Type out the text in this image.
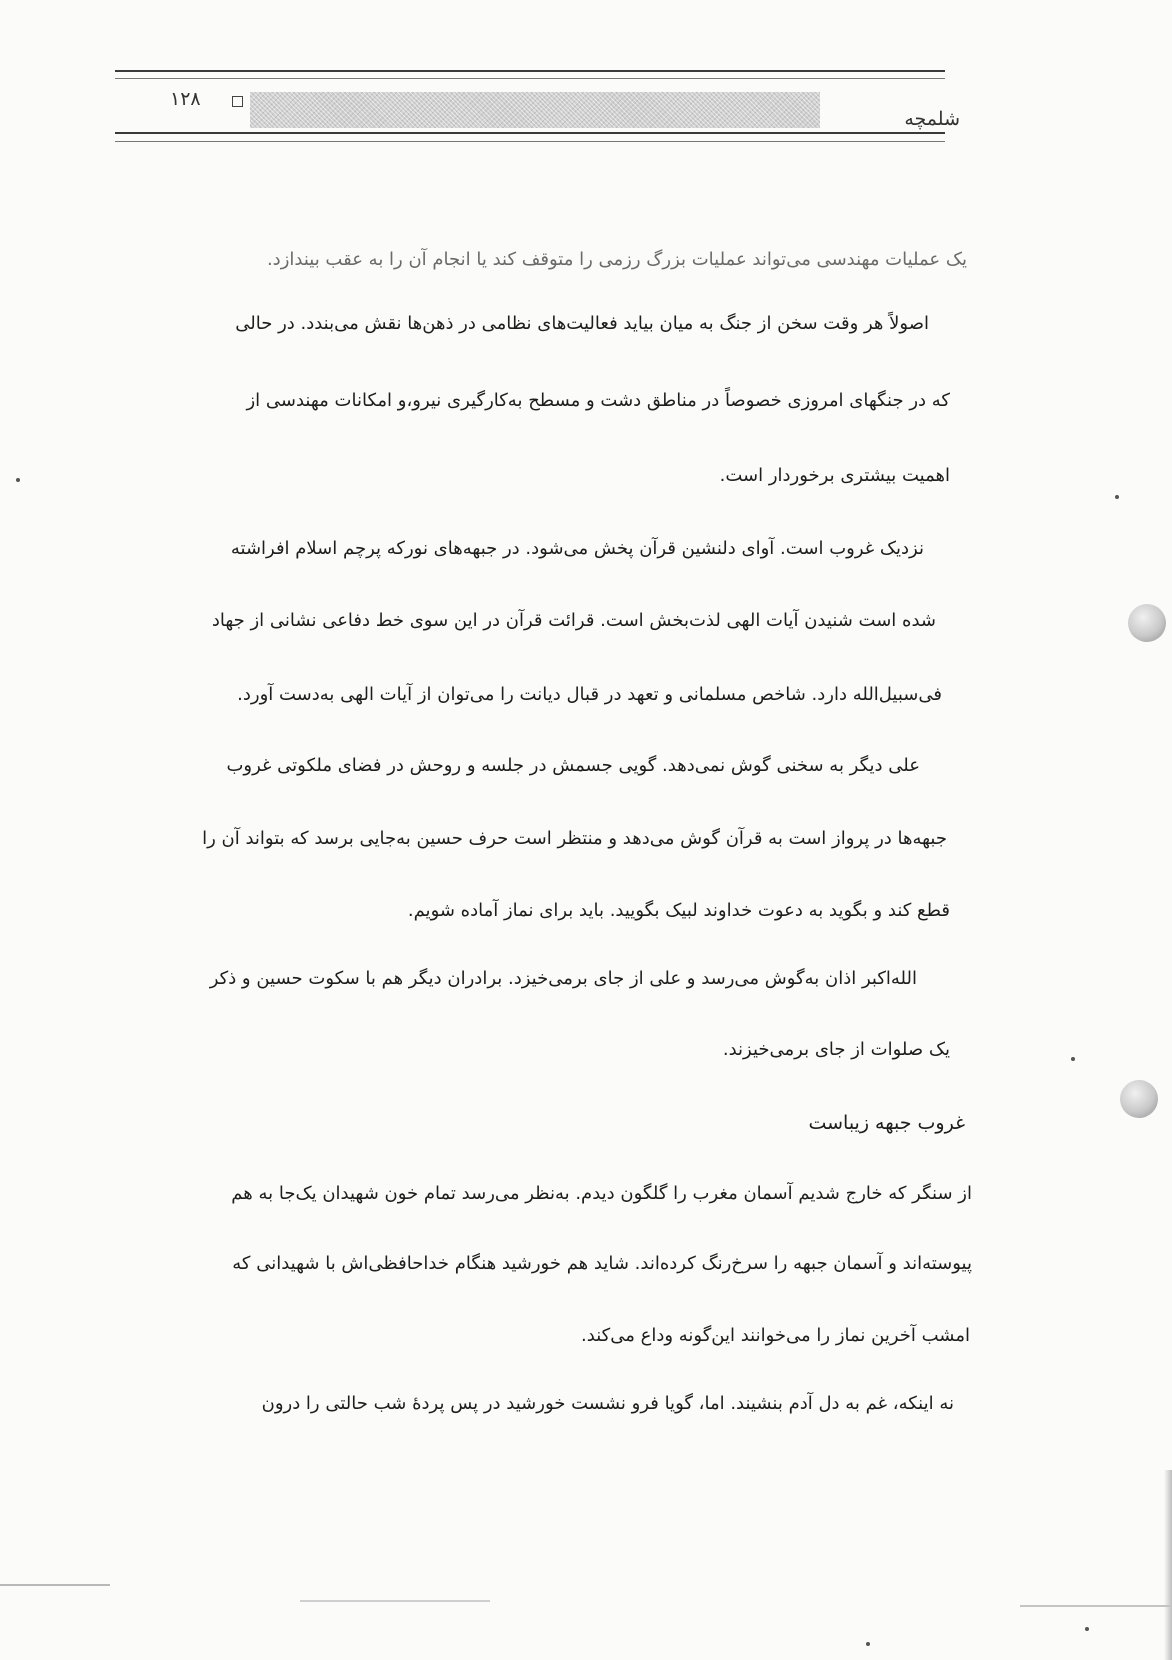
۱۲۸
شلمچه
یک عملیات مهندسی می‌تواند عملیات بزرگ رزمی را متوقف کند یا انجام آن را به عقب بیندازد.
اصولاً هر وقت سخن از جنگ به میان بیاید فعالیت‌های نظامی در ذهن‌ها نقش می‌بندد. در حالی
که در جنگهای امروزی خصوصاً در مناطق دشت و مسطح به‌کارگیری نیرو،و امکانات مهندسی از
اهمیت بیشتری برخوردار است.
نزدیک غروب است. آوای دلنشین قرآن پخش می‌شود. در جبهه‌های نورکه پرچم اسلام افراشته
شده است شنیدن آیات الهی لذت‌بخش است. قرائت قرآن در این سوی خط دفاعی نشانی از جهاد
فی‌سبیل‌الله دارد. شاخص مسلمانی و تعهد در قبال دیانت را می‌توان از آیات الهی به‌دست آورد.
علی دیگر به سخنی گوش نمی‌دهد. گویی جسمش در جلسه و روحش در فضای ملکوتی غروب
جبهه‌ها در پرواز است به قرآن گوش می‌دهد و منتظر است حرف حسین به‌جایی برسد که بتواند آن را
قطع کند و بگوید به دعوت خداوند لبیک بگویید. باید برای نماز آماده شویم.
الله‌اکبر اذان به‌گوش می‌رسد و علی از جای برمی‌خیزد. برادران دیگر هم با سکوت حسین و ذکر
یک صلوات از جای برمی‌خیزند.
غروب جبهه زیباست
از سنگر که خارج شدیم آسمان مغرب را گلگون دیدم. به‌نظر می‌رسد تمام خون شهیدان یک‌جا به هم
پیوسته‌اند و آسمان جبهه را سرخ‌رنگ کرده‌اند. شاید هم خورشید هنگام خداحافظی‌اش با شهیدانی که
امشب آخرین نماز را می‌خوانند این‌گونه وداع می‌کند.
نه اینکه، غم به دل آدم بنشیند. اما، گویا فرو نشست خورشید در پس پردهٔ شب حالتی را درون
